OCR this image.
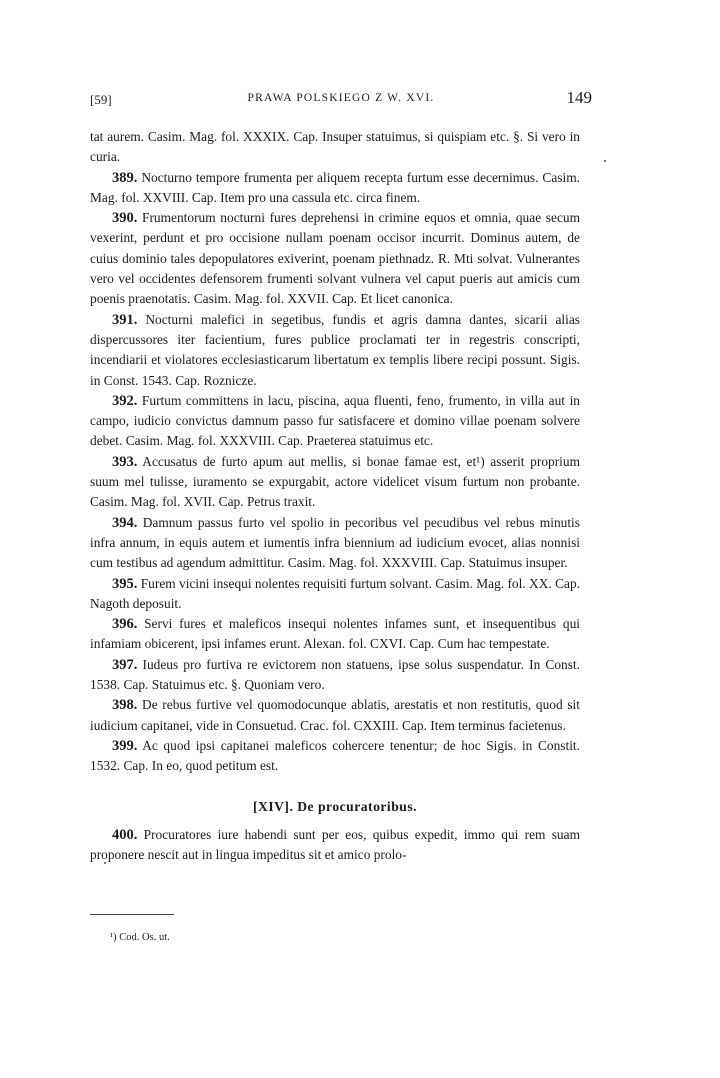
[59]	PRAWA POLSKIEGO Z W. XVI.	149

tat aurem. Casim. Mag. fol. XXXIX. Cap. Insuper statuimus, si quispiam etc. §. Si vero in curia.

389. Nocturno tempore frumenta per aliquem recepta furtum esse decernimus. Casim. Mag. fol. XXVIII. Cap. Item pro una cassula etc. circa finem.

390. Frumentorum nocturni fures deprehensi in crimine equos et omnia, quae secum vexerint, perdunt et pro occisione nullam poenam occisor incurrit. Dominus autem, de cuius dominio tales depopulatores exiverint, poenam piethnadz. R. Mti solvat. Vulnerantes vero vel occidentes defensorem frumenti solvant vulnera vel caput pueris aut amicis cum poenis praenotatis. Casim. Mag. fol. XXVII. Cap. Et licet canonica.

391. Nocturni malefici in segetibus, fundis et agris damna dantes, sicarii alias dispercussores iter facientium, fures publice proclamati ter in regestris conscripti, incendiarii et violatores ecclesiasticarum libertatum ex templis libere recipi possunt. Sigis. in Const. 1543. Cap. Roznicze.

392. Furtum committens in lacu, piscina, aqua fluenti, feno, frumento, in villa aut in campo, iudicio convictus damnum passo fur satisfacere et domino villae poenam solvere debet. Casim. Mag. fol. XXXVIII. Cap. Praeterea statuimus etc.

393. Accusatus de furto apum aut mellis, si bonae famae est, et¹) asserit proprium suum mel tulisse, iuramento se expurgabit, actore videlicet visum furtum non probante. Casim. Mag. fol. XVII. Cap. Petrus traxit.

394. Damnum passus furto vel spolio in pecoribus vel pecudibus vel rebus minutis infra annum, in equis autem et iumentis infra biennium ad iudicium evocet, alias nonnisi cum testibus ad agendum admittitur. Casim. Mag. fol. XXXVIII. Cap. Statuimus insuper.

395. Furem vicini insequi nolentes requisiti furtum solvant. Casim. Mag. fol. XX. Cap. Nagoth deposuit.

396. Servi fures et maleficos insequi nolentes infames sunt, et insequentibus qui infamiam obicerent, ipsi infames erunt. Alexan. fol. CXVI. Cap. Cum hac tempestate.

397. Iudeus pro furtiva re evictorem non statuens, ipse solus suspendatur. In Const. 1538. Cap. Statuimus etc. §. Quoniam vero.

398. De rebus furtive vel quomodocunque ablatis, arestatis et non restitutis, quod sit iudicium capitanei, vide in Consuetud. Crac. fol. CXXIII. Cap. Item terminus facietenus.

399. Ac quod ipsi capitanei maleficos cohercere tenentur; de hoc Sigis. in Constit. 1532. Cap. In eo, quod petitum est.

[XIV]. De procuratoribus.

400. Procuratores iure habendi sunt per eos, quibus expedit, immo qui rem suam proponere nescit aut in lingua impeditus sit et amico prolo-

¹) Cod. Os. ut.
